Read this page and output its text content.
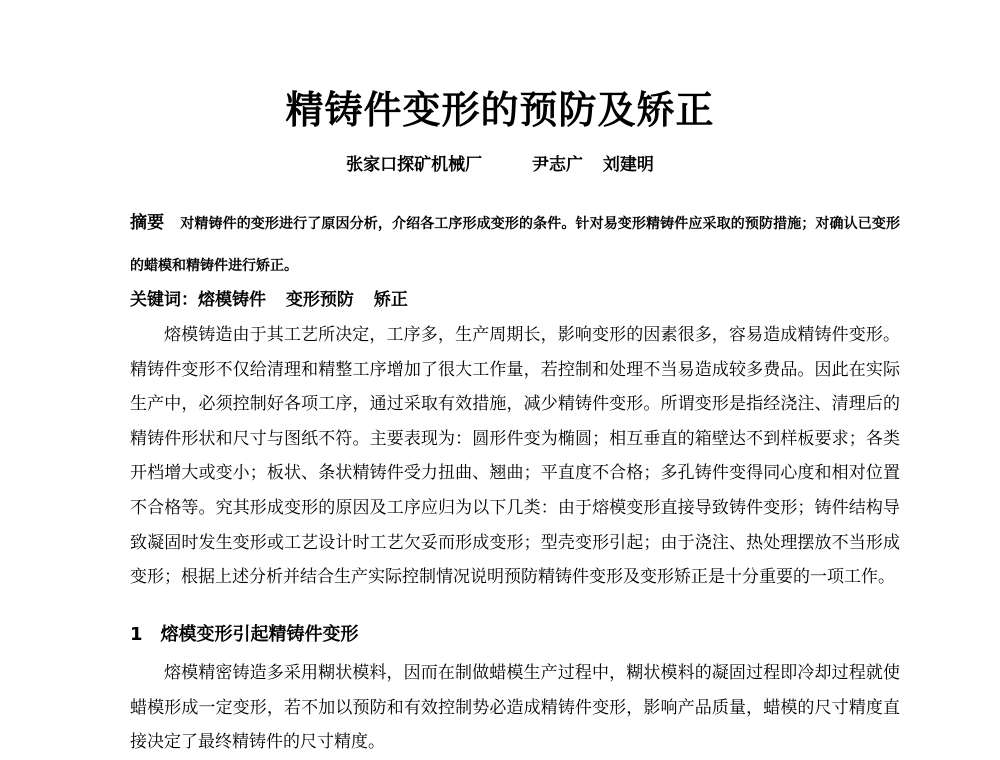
精铸件变形的预防及矫正
张家口探矿机械厂	尹志广 刘建明
摘要 对精铸件的变形进行了原因分析，介绍各工序形成变形的条件。针对易变形精铸件应采取的预防措施；对确认已变形的蜡模和精铸件进行矫正。
关键词：熔模铸件 变形预防 矫正
熔模铸造由于其工艺所决定，工序多，生产周期长，影响变形的因素很多，容易造成精铸件变形。精铸件变形不仅给清理和精整工序增加了很大工作量，若控制和处理不当易造成较多费品。因此在实际生产中，必须控制好各项工序，通过采取有效措施，减少精铸件变形。所谓变形是指经浇注、清理后的精铸件形状和尺寸与图纸不符。主要表现为：圆形件变为椭圆；相互垂直的箱壁达不到样板要求；各类开档增大或变小；板状、条状精铸件受力扭曲、翘曲；平直度不合格；多孔铸件变得同心度和相对位置不合格等。究其形成变形的原因及工序应归为以下几类：由于熔模变形直接导致铸件变形；铸件结构导致凝固时发生变形或工艺设计时工艺欠妥而形成变形；型壳变形引起；由于浇注、热处理摆放不当形成变形；根据上述分析并结合生产实际控制情况说明预防精铸件变形及变形矫正是十分重要的一项工作。
1 熔模变形引起精铸件变形
熔模精密铸造多采用糊状模料，因而在制做蜡模生产过程中，糊状模料的凝固过程即冷却过程就使蜡模形成一定变形，若不加以预防和有效控制势必造成精铸件变形，影响产品质量，蜡模的尺寸精度直接决定了最终精铸件的尺寸精度。
